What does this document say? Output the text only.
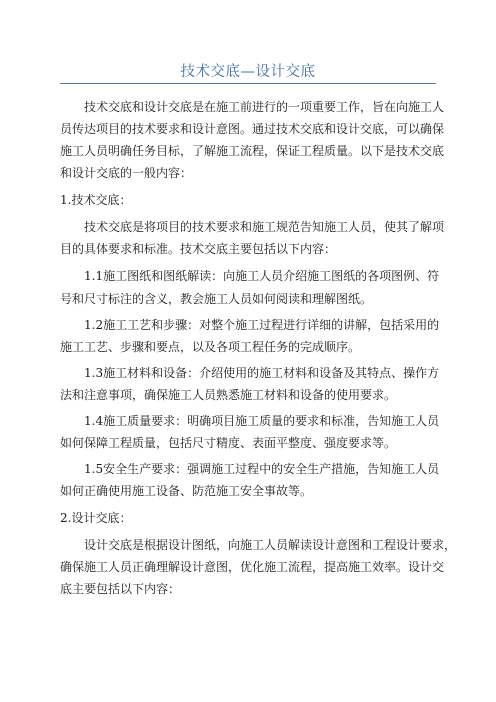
技术交底—设计交底
技术交底和设计交底是在施工前进行的一项重要工作，旨在向施工人
员传达项目的技术要求和设计意图。通过技术交底和设计交底，可以确保
施工人员明确任务目标，了解施工流程，保证工程质量。以下是技术交底
和设计交底的一般内容：
1.技术交底：
技术交底是将项目的技术要求和施工规范告知施工人员，使其了解项
目的具体要求和标准。技术交底主要包括以下内容：
1.1施工图纸和图纸解读：向施工人员介绍施工图纸的各项图例、符
号和尺寸标注的含义，教会施工人员如何阅读和理解图纸。
1.2施工工艺和步骤：对整个施工过程进行详细的讲解，包括采用的
施工工艺、步骤和要点，以及各项工程任务的完成顺序。
1.3施工材料和设备：介绍使用的施工材料和设备及其特点、操作方
法和注意事项，确保施工人员熟悉施工材料和设备的使用要求。
1.4施工质量要求：明确项目施工质量的要求和标准，告知施工人员
如何保障工程质量，包括尺寸精度、表面平整度、强度要求等。
1.5安全生产要求：强调施工过程中的安全生产措施，告知施工人员
如何正确使用施工设备、防范施工安全事故等。
2.设计交底：
设计交底是根据设计图纸，向施工人员解读设计意图和工程设计要求，
确保施工人员正确理解设计意图，优化施工流程，提高施工效率。设计交
底主要包括以下内容：
